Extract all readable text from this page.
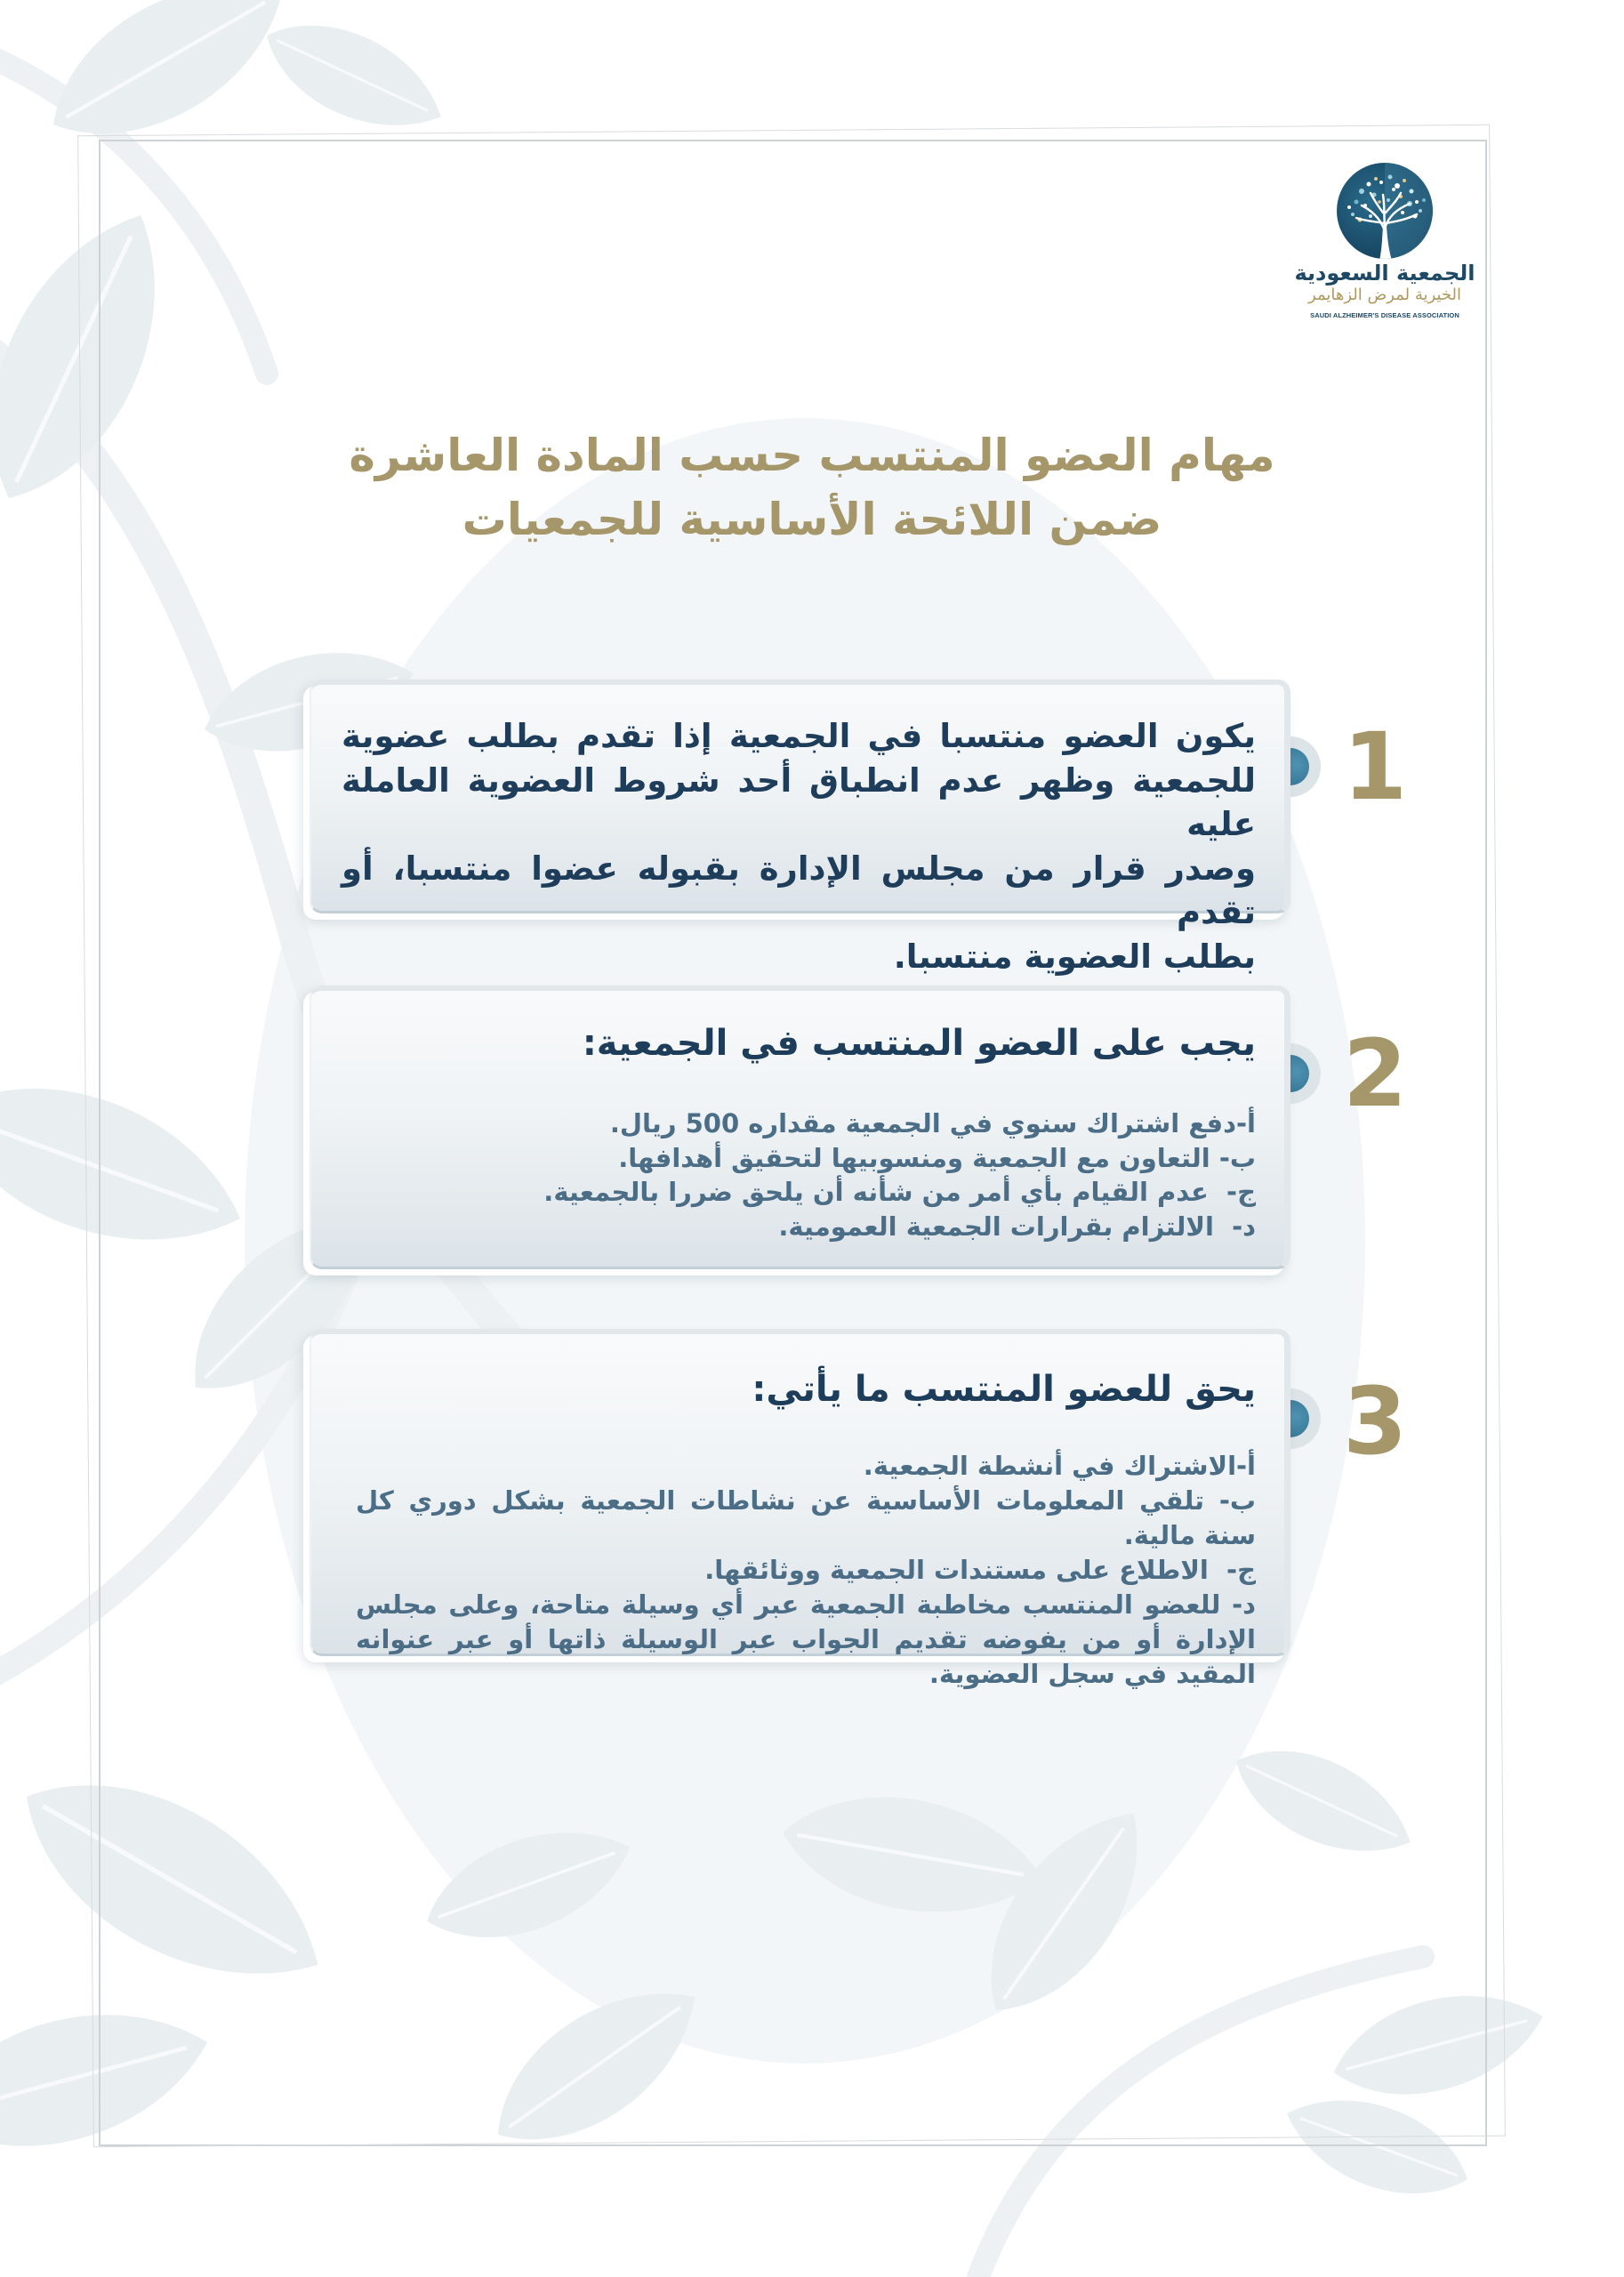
الجمعية السعودية
الخيرية لمرض الزهايمر
SAUDI ALZHEIMER'S DISEASE ASSOCIATION
مهام العضو المنتسب حسب المادة العاشرة
ضمن اللائحة الأساسية للجمعيات
1

يكون العضو منتسبا في الجمعية إذا تقدم بطلب عضوية

للجمعية وظهر عدم انطباق أحد شروط العضوية العاملة عليه

وصدر قرار من مجلس الإدارة بقبوله عضوا منتسبا، أو تقدم

بطلب العضوية منتسبا.

2
يجب على العضو المنتسب في الجمعية:

أ-دفع اشتراك سنوي في الجمعية مقداره 500 ريال.

ب- التعاون مع الجمعية ومنسوبيها لتحقيق أهدافها.

ج-  عدم القيام بأي أمر من شأنه أن يلحق ضررا بالجمعية.

د-  الالتزام بقرارات الجمعية العمومية.

3
يحق للعضو المنتسب ما يأتي:

أ-الاشتراك في أنشطة الجمعية.

ب- تلقي المعلومات الأساسية عن نشاطات الجمعية بشكل دوري كل سنة مالية.

ج-  الاطلاع على مستندات الجمعية ووثائقها.

د- للعضو المنتسب مخاطبة الجمعية عبر أي وسيلة متاحة، وعلى مجلس الإدارة أو من يفوضه تقديم الجواب عبر الوسيلة ذاتها أو عبر عنوانه المقيد في سجل العضوية.
